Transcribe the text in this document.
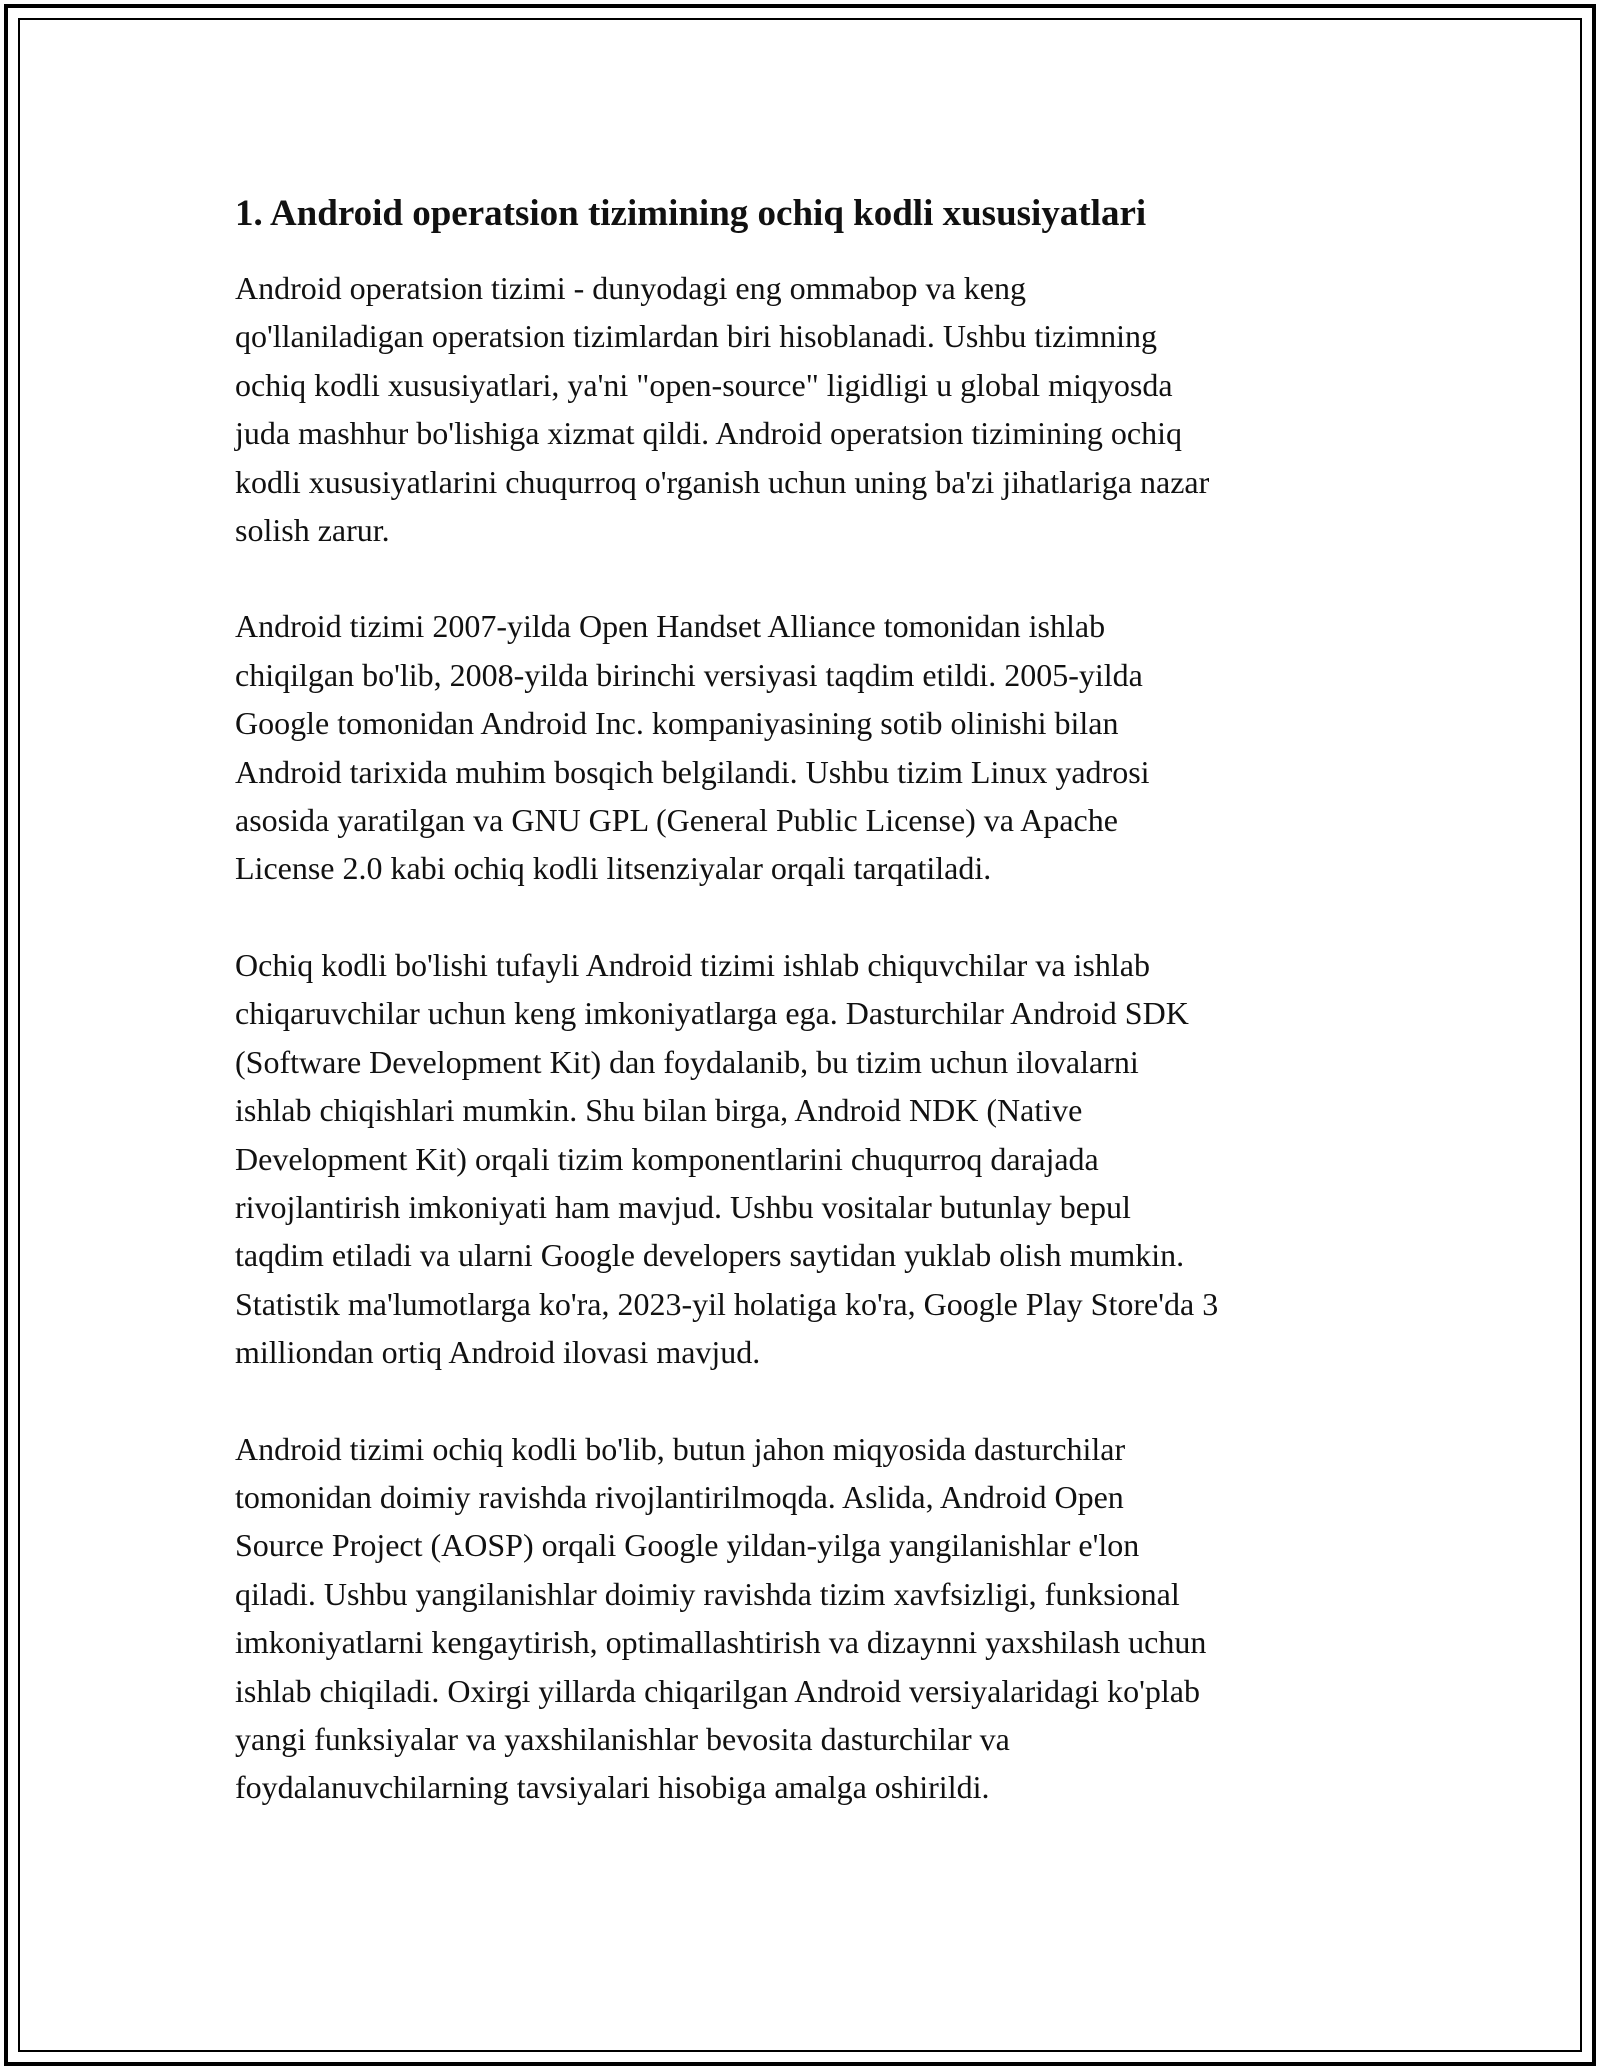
1. Android operatsion tizimining ochiq kodli xususiyatlari

Android operatsion tizimi - dunyodagi eng ommabop va keng
qo'llaniladigan operatsion tizimlardan biri hisoblanadi. Ushbu tizimning
ochiq kodli xususiyatlari, ya'ni "open-source" ligidligi u global miqyosda
juda mashhur bo'lishiga xizmat qildi. Android operatsion tizimining ochiq
kodli xususiyatlarini chuqurroq o'rganish uchun uning ba'zi jihatlariga nazar
solish zarur.

Android tizimi 2007-yilda Open Handset Alliance tomonidan ishlab
chiqilgan bo'lib, 2008-yilda birinchi versiyasi taqdim etildi. 2005-yilda
Google tomonidan Android Inc. kompaniyasining sotib olinishi bilan
Android tarixida muhim bosqich belgilandi. Ushbu tizim Linux yadrosi
asosida yaratilgan va GNU GPL (General Public License) va Apache
License 2.0 kabi ochiq kodli litsenziyalar orqali tarqatiladi.

Ochiq kodli bo'lishi tufayli Android tizimi ishlab chiquvchilar va ishlab
chiqaruvchilar uchun keng imkoniyatlarga ega. Dasturchilar Android SDK
(Software Development Kit) dan foydalanib, bu tizim uchun ilovalarni
ishlab chiqishlari mumkin. Shu bilan birga, Android NDK (Native
Development Kit) orqali tizim komponentlarini chuqurroq darajada
rivojlantirish imkoniyati ham mavjud. Ushbu vositalar butunlay bepul
taqdim etiladi va ularni Google developers saytidan yuklab olish mumkin.
Statistik ma'lumotlarga ko'ra, 2023-yil holatiga ko'ra, Google Play Store'da 3
milliondan ortiq Android ilovasi mavjud.

Android tizimi ochiq kodli bo'lib, butun jahon miqyosida dasturchilar
tomonidan doimiy ravishda rivojlantirilmoqda. Aslida, Android Open
Source Project (AOSP) orqali Google yildan-yilga yangilanishlar e'lon
qiladi. Ushbu yangilanishlar doimiy ravishda tizim xavfsizligi, funksional
imkoniyatlarni kengaytirish, optimallashtirish va dizaynni yaxshilash uchun
ishlab chiqiladi. Oxirgi yillarda chiqarilgan Android versiyalaridagi ko'plab
yangi funksiyalar va yaxshilanishlar bevosita dasturchilar va
foydalanuvchilarning tavsiyalari hisobiga amalga oshirildi.
